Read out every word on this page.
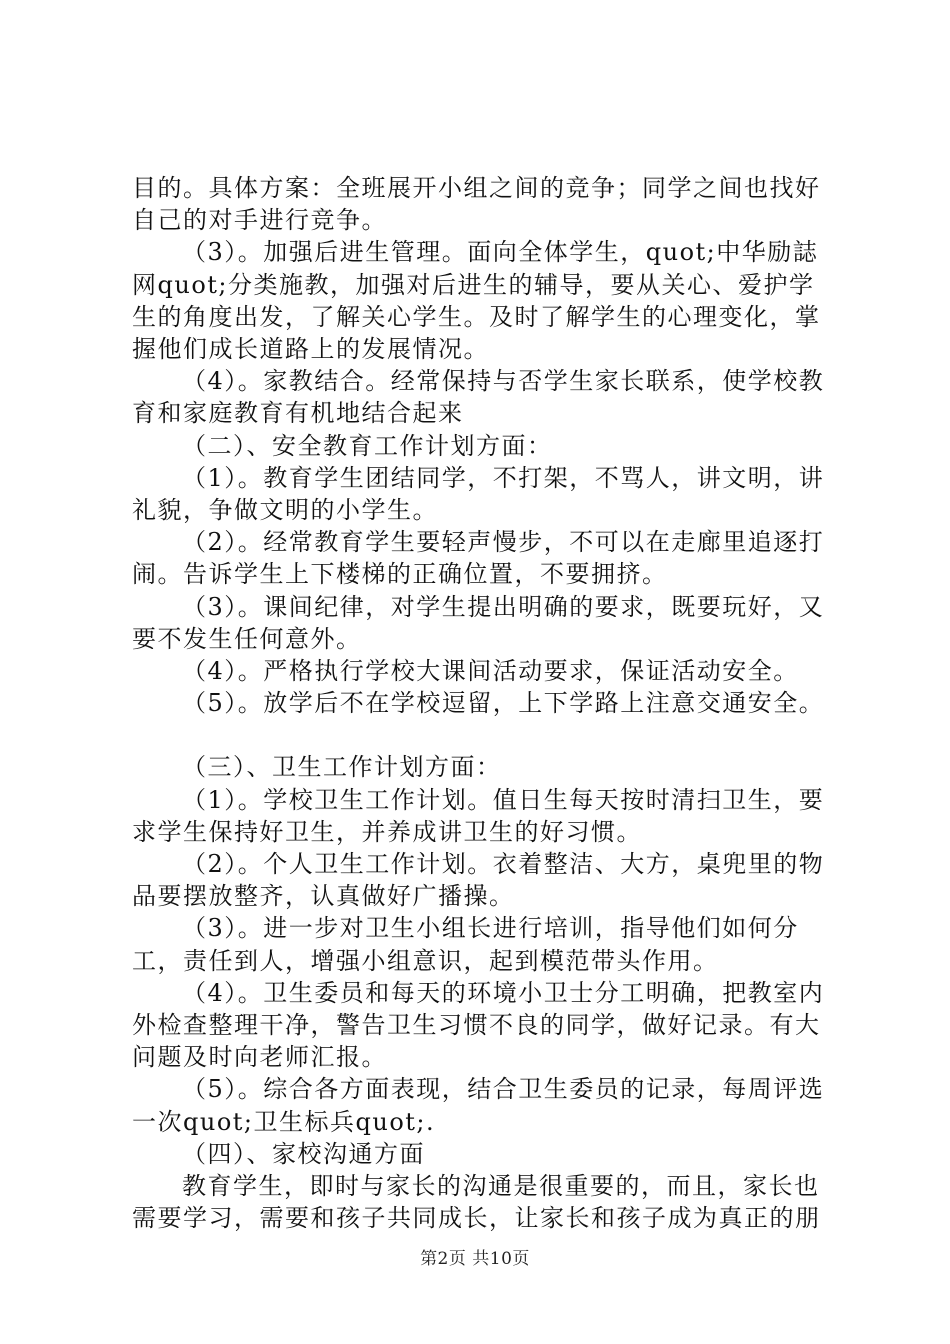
目的。具体方案：全班展开小组之间的竞争；同学之间也找好自己的对手进行竞争。

（3）。加强后进生管理。面向全体学生，quot;中华励誌网quot;分类施教，加强对后进生的辅导，要从关心、爱护学生的角度出发，了解关心学生。及时了解学生的心理变化，掌握他们成长道路上的发展情况。

（4）。家教结合。经常保持与否学生家长联系，使学校教育和家庭教育有机地结合起来

（二）、安全教育工作计划方面：

（1）。教育学生团结同学，不打架，不骂人，讲文明，讲礼貌，争做文明的小学生。

（2）。经常教育学生要轻声慢步，不可以在走廊里追逐打闹。告诉学生上下楼梯的正确位置，不要拥挤。

（3）。课间纪律，对学生提出明确的要求，既要玩好，又要不发生任何意外。

（4）。严格执行学校大课间活动要求，保证活动安全。

（5）。放学后不在学校逗留，上下学路上注意交通安全。

（三）、卫生工作计划方面：

（1）。学校卫生工作计划。值日生每天按时清扫卫生，要求学生保持好卫生，并养成讲卫生的好习惯。

（2）。个人卫生工作计划。衣着整洁、大方，桌兜里的物品要摆放整齐，认真做好广播操。

（3）。进一步对卫生小组长进行培训，指导他们如何分工，责任到人，增强小组意识，起到模范带头作用。

（4）。卫生委员和每天的环境小卫士分工明确，把教室内外检查整理干净，警告卫生习惯不良的同学，做好记录。有大问题及时向老师汇报。

（5）。综合各方面表现，结合卫生委员的记录，每周评选一次quot;卫生标兵quot;.

（四）、家校沟通方面

教育学生，即时与家长的沟通是很重要的，而且，家长也需要学习，需要和孩子共同成长，让家长和孩子成为真正的朋

第2页 共10页
